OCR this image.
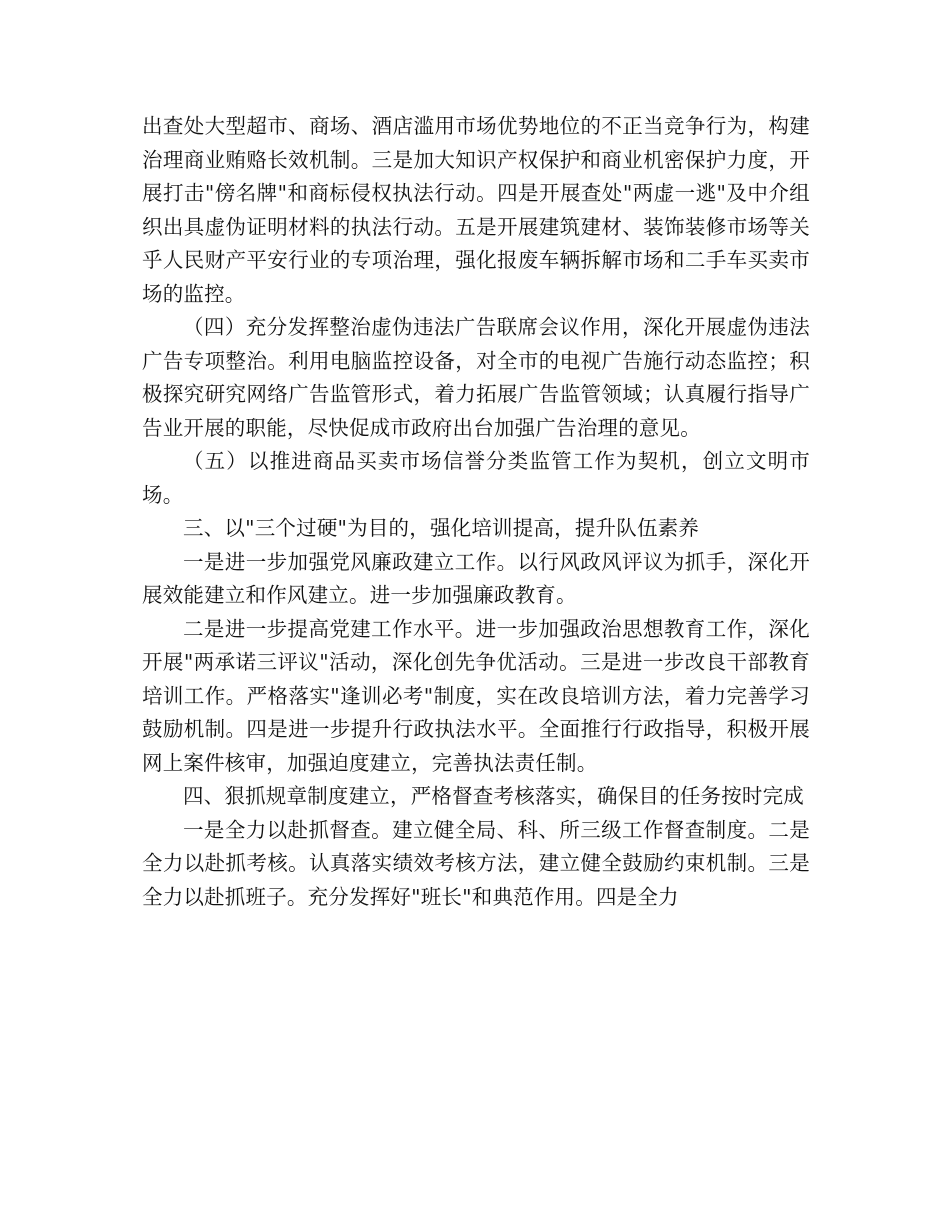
出查处大型超市、商场、酒店滥用市场优势地位的不正当竞争行为，构建治理商业贿赂长效机制。三是加大知识产权保护和商业机密保护力度，开展打击"傍名牌"和商标侵权执法行动。四是开展查处"两虚一逃"及中介组织出具虚伪证明材料的执法行动。五是开展建筑建材、装饰装修市场等关乎人民财产平安行业的专项治理，强化报废车辆拆解市场和二手车买卖市场的监控。

（四）充分发挥整治虚伪违法广告联席会议作用，深化开展虚伪违法广告专项整治。利用电脑监控设备，对全市的电视广告施行动态监控；积极探究研究网络广告监管形式，着力拓展广告监管领域；认真履行指导广告业开展的职能，尽快促成市政府出台加强广告治理的意见。

（五）以推进商品买卖市场信誉分类监管工作为契机，创立文明市场。

三、以"三个过硬"为目的，强化培训提高，提升队伍素养

一是进一步加强党风廉政建立工作。以行风政风评议为抓手，深化开展效能建立和作风建立。进一步加强廉政教育。

二是进一步提高党建工作水平。进一步加强政治思想教育工作，深化开展"两承诺三评议"活动，深化创先争优活动。三是进一步改良干部教育培训工作。严格落实"逢训必考"制度，实在改良培训方法，着力完善学习鼓励机制。四是进一步提升行政执法水平。全面推行行政指导，积极开展网上案件核审，加强迫度建立，完善执法责任制。

四、狠抓规章制度建立，严格督查考核落实，确保目的任务按时完成

一是全力以赴抓督查。建立健全局、科、所三级工作督查制度。二是全力以赴抓考核。认真落实绩效考核方法，建立健全鼓励约束机制。三是全力以赴抓班子。充分发挥好"班长"和典范作用。四是全力
